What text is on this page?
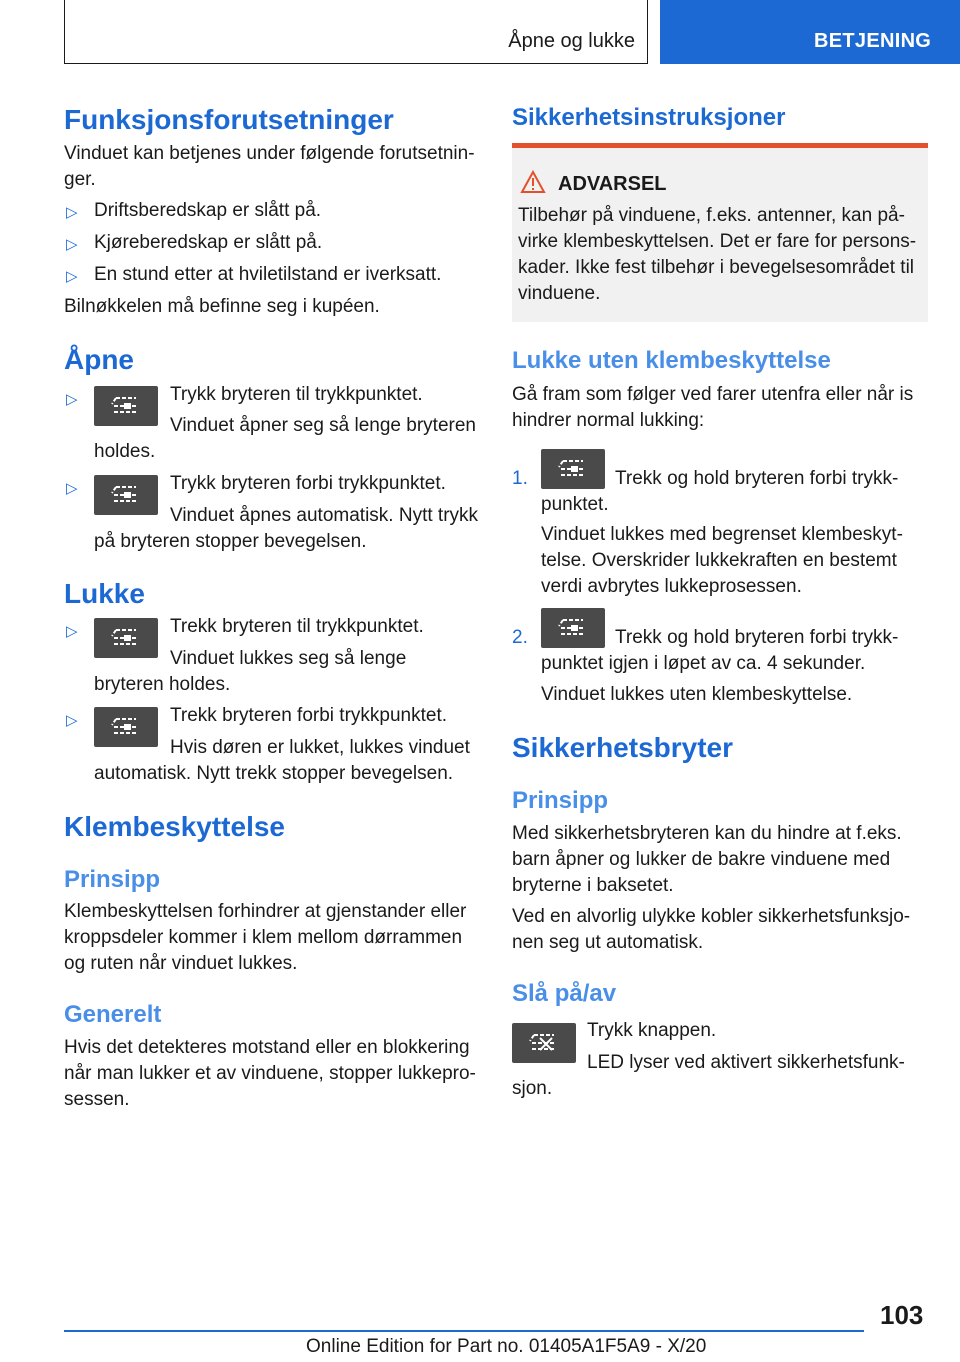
Åpne og lukke	BETJENING
Funksjonsforutsetninger
Vinduet kan betjenes under følgende forutsetnin‐ger.
▷ Driftsberedskap er slått på.
▷ Kjøreberedskap er slått på.
▷ En stund etter at hviletilstand er iverksatt.
Bilnøkkelen må befinne seg i kupéen.
Åpne
▷	Trykk bryteren til trykkpunktet.
Vinduet åpner seg så lenge bryteren holdes.
▷	Trykk bryteren forbi trykkpunktet.
Vinduet åpnes automatisk. Nytt trykk på bryteren stopper bevegelsen.
Lukke
▷	Trekk bryteren til trykkpunktet.
Vinduet lukkes seg så lenge bryteren holdes.
▷	Trekk bryteren forbi trykkpunktet.
Hvis døren er lukket, lukkes vinduet automatisk. Nytt trekk stopper bevegelsen.
Klembeskyttelse
Prinsipp
Klembeskyttelsen forhindrer at gjenstander eller kroppsdeler kommer i klem mellom dørrammen og ruten når vinduet lukkes.
Generelt
Hvis det detekteres motstand eller en blokkering når man lukker et av vinduene, stopper lukkepro‐sessen.
Sikkerhetsinstruksjoner
ADVARSEL
Tilbehør på vinduene, f.eks. antenner, kan på‐virke klembeskyttelsen. Det er fare for persons‐kader. Ikke fest tilbehør i bevegelsesområdet til vinduene.
Lukke uten klembeskyttelse
Gå fram som følger ved farer utenfra eller når is hindrer normal lukking:
1.	Trekk og hold bryteren forbi trykk‐punktet.
Vinduet lukkes med begrenset klembeskyt‐telse. Overskrider lukkekraften en bestemt verdi avbrytes lukkeprosessen.
2.	Trekk og hold bryteren forbi trykk‐punktet igjen i løpet av ca. 4 sekunder.
Vinduet lukkes uten klembeskyttelse.
Sikkerhetsbryter
Prinsipp
Med sikkerhetsbryteren kan du hindre at f.eks. barn åpner og lukker de bakre vinduene med bryterne i baksetet.
Ved en alvorlig ulykke kobler sikkerhetsfunksjo‐nen seg ut automatisk.
Slå på/av
Trykk knappen.
LED lyser ved aktivert sikkerhetsfunk‐sjon.
103
Online Edition for Part no. 01405A1F5A9 - X/20
